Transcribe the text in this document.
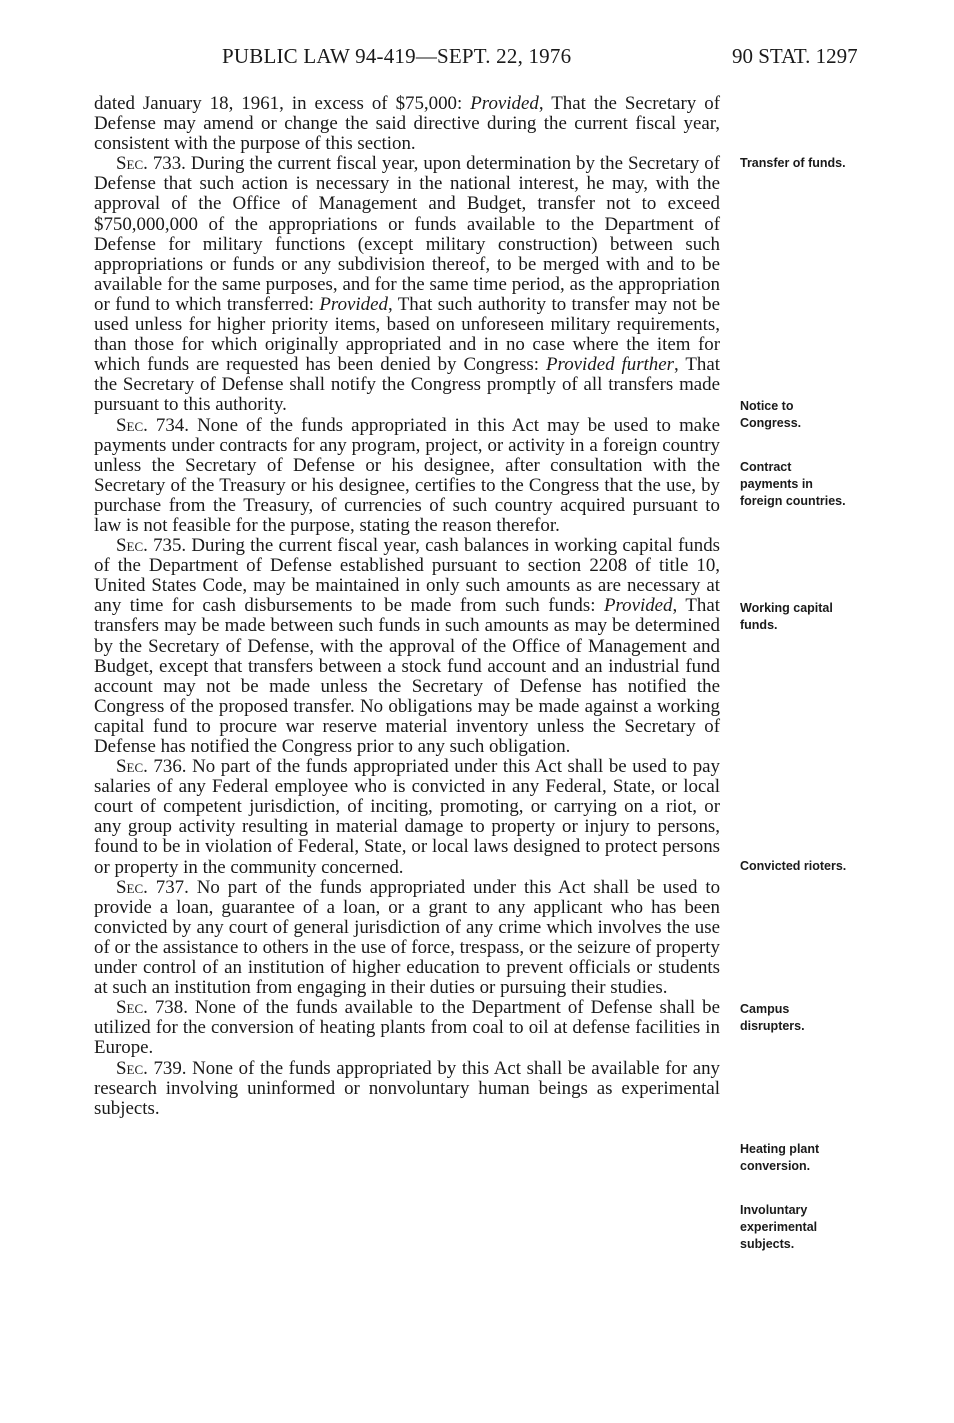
PUBLIC LAW 94-419—SEPT. 22, 1976	90 STAT. 1297

dated January 18, 1961, in excess of $75,000: Provided, That the Secretary of Defense may amend or change the said directive during the current fiscal year, consistent with the purpose of this section.

Sec. 733. During the current fiscal year, upon determination by the Secretary of Defense that such action is necessary in the national interest, he may, with the approval of the Office of Management and Budget, transfer not to exceed $750,000,000 of the appropriations or funds available to the Department of Defense for military functions (except military construction) between such appropriations or funds or any subdivision thereof, to be merged with and to be available for the same purposes, and for the same time period, as the appropriation or fund to which transferred: Provided, That such authority to transfer may not be used unless for higher priority items, based on unforeseen military requirements, than those for which originally appropriated and in no case where the item for which funds are requested has been denied by Congress: Provided further, That the Secretary of Defense shall notify the Congress promptly of all transfers made pursuant to this authority.

Sec. 734. None of the funds appropriated in this Act may be used to make payments under contracts for any program, project, or activity in a foreign country unless the Secretary of Defense or his designee, after consultation with the Secretary of the Treasury or his designee, certifies to the Congress that the use, by purchase from the Treasury, of currencies of such country acquired pursuant to law is not feasible for the purpose, stating the reason therefor.

Sec. 735. During the current fiscal year, cash balances in working capital funds of the Department of Defense established pursuant to section 2208 of title 10, United States Code, may be maintained in only such amounts as are necessary at any time for cash disbursements to be made from such funds: Provided, That transfers may be made between such funds in such amounts as may be determined by the Secretary of Defense, with the approval of the Office of Management and Budget, except that transfers between a stock fund account and an industrial fund account may not be made unless the Secretary of Defense has notified the Congress of the proposed transfer. No obligations may be made against a working capital fund to procure war reserve material inventory unless the Secretary of Defense has notified the Congress prior to any such obligation.

Sec. 736. No part of the funds appropriated under this Act shall be used to pay salaries of any Federal employee who is convicted in any Federal, State, or local court of competent jurisdiction, of inciting, promoting, or carrying on a riot, or any group activity resulting in material damage to property or injury to persons, found to be in violation of Federal, State, or local laws designed to protect persons or property in the community concerned.

Sec. 737. No part of the funds appropriated under this Act shall be used to provide a loan, guarantee of a loan, or a grant to any applicant who has been convicted by any court of general jurisdiction of any crime which involves the use of or the assistance to others in the use of force, trespass, or the seizure of property under control of an institution of higher education to prevent officials or students at such an institution from engaging in their duties or pursuing their studies.

Sec. 738. None of the funds available to the Department of Defense shall be utilized for the conversion of heating plants from coal to oil at defense facilities in Europe.

Sec. 739. None of the funds appropriated by this Act shall be available for any research involving uninformed or nonvoluntary human beings as experimental subjects.

Transfer of funds.
Notice to
Congress.
Contract
payments in
foreign countries.
Working capital
funds.
Convicted rioters.
Campus
disrupters.
Heating plant
conversion.
Involuntary
experimental
subjects.
